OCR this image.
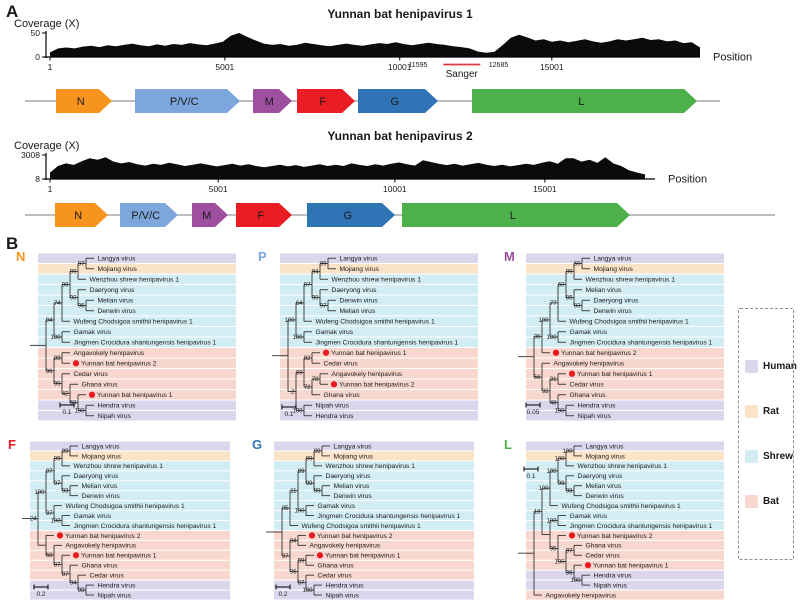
A	Yunnan bat henipavirus 1
Coverage (X)
50
0
1	5001	10001	15001
11595	12685
Sanger
Position
N	P/V/C	M	F	G	L
Yunnan bat henipavirus 2
Coverage (X)
3008
8
1	5001	10001	15001
Position
N	P/V/C	M	F	G	L
B
N
97
99
96
90
98
74
100
94
89
100
69
42
99
96
Langya virus
Mojiang virus
Wenzhou shrew henipavirus 1
Daeryong virus
Melian virus
Denwin virus
Wufeng Chodsigoa smithii henipavirus 1
Gamak virus
Jingmen Crocidura shantungensis henipavirus 1
Angavokely henipavirus
Yunnan bat henipavirus 2
Cedar virus
Ghana virus
Yunnan bat henipavirus 1
Hendra virus
Nipah virus
0.1
P
99
94
97
99
97
64
100
100
92
78
72
69
100
2
Langya virus
Mojiang virus
Wenzhou shrew henipavirus 1
Daeryong virus
Denwin virus
Melian virus
Wufeng Chodsigoa smithii henipavirus 1
Gamak virus
Jingmen Crocidura shantungensis henipavirus 1
Yunnan bat henipavirus 1
Cedar virus
Angavokely henipavirus
Yunnan bat henipavirus 2
Ghana virus
Nipah virus
Hendra virus
0.1
M
60
99
83
85
60
77
100
100
36
31
100
48
92
56
Langya virus
Mojiang virus
Wenzhou shrew henipavirus 1
Melian virus
Daeryong virus
Denwin virus
Wufeng Chodsigoa smithii henipavirus 1
Gamak virus
Jingmen Crocidura shantungensis henipavirus 1
Yunnan bat henipavirus 2
Angavokely henipavirus
Yunnan bat henipavirus 1
Cedar virus
Ghana virus
Hendra virus
Nipah virus
0.05
F	99
99
93
97
97
100
37
100
99
94
87
87
68
24
Langya virus
Mojiang virus
Wenzhou shrew henipavirus 1
Daeryong virus
Melian virus
Denwin virus
Wufeng Chodsigoa smithii henipavirus 1
Gamak virus
Jingmen Crocidura shantungensis henipavirus 1
Yunnan bat henipavirus 2
Angavokely henipavirus
Yunnan bat henipavirus 1
Ghana virus
Cedar virus
Hendra virus
Nipah virus
0.2
G	99
99
99
99
99
100
11
95
84
59
100
87
96
97
Langya virus
Mojiang virus
Wenzhou shrew henipavirus 1
Daeryong virus
Melian virus
Denwin virus
Gamak virus
Jingmen Crocidura shantungensis henipavirus 1
Wufeng Chodsigoa smithii henipavirus 1
Yunnan bat henipavirus 2
Angavokely henipavirus
Yunnan bat henipavirus 1
Ghana virus
Cedar virus
Hendra virus
Nipah virus
0.2
L	100
100
98
99
100
100
100
97
100
36
100
95
18
Langya virus
Mojiang virus
Wenzhou shrew henipavirus 1
Daeryong virus
Melian virus
Denwin virus
Wufeng Chodsigoa smithii henipavirus 1
Gamak virus
Jingmen Crocidura shantungensis henipavirus 1
Yunnan bat henipavirus 2
Ghana virus
Cedar virus
Yunnan bat henipavirus 1
Hendra virus
Nipah virus
Angavokely henipavirus
0.1
Human
Rat
Shrew
Bat
